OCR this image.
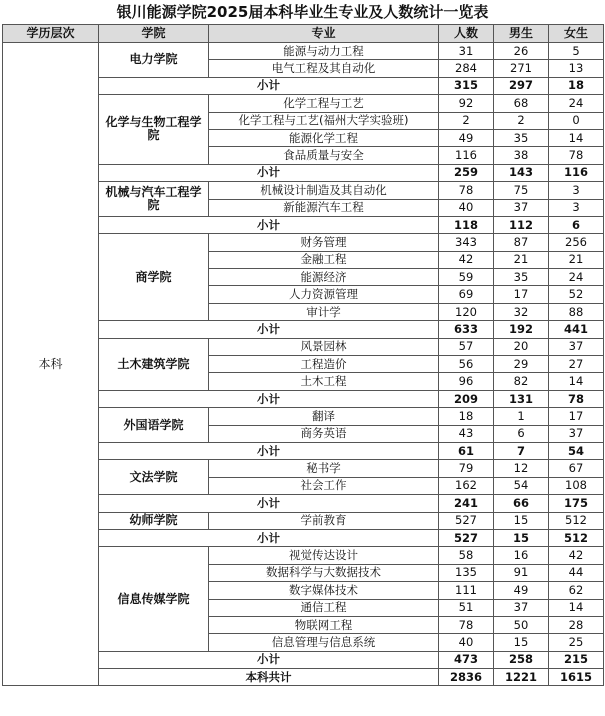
银川能源学院2025届本科毕业生专业及人数统计一览表
学历层次	学院	专业	人数	男生	女生
本科	电力学院	能源与动力工程	31	26	5
		电气工程及其自动化	284	271	13
	小计		315	297	18
	化学与生物工程学院	化学工程与工艺	92	68	24
		化学工程与工艺(福州大学实验班)	2	2	0
		能源化学工程	49	35	14
		食品质量与安全	116	38	78
	小计		259	143	116
	机械与汽车工程学院	机械设计制造及其自动化	78	75	3
		新能源汽车工程	40	37	3
	小计		118	112	6
	商学院	财务管理	343	87	256
		金融工程	42	21	21
		能源经济	59	35	24
		人力资源管理	69	17	52
		审计学	120	32	88
	小计		633	192	441
	土木建筑学院	风景园林	57	20	37
		工程造价	56	29	27
		土木工程	96	82	14
	小计		209	131	78
	外国语学院	翻译	18	1	17
		商务英语	43	6	37
	小计		61	7	54
	文法学院	秘书学	79	12	67
		社会工作	162	54	108
	小计		241	66	175
	幼师学院	学前教育	527	15	512
	小计		527	15	512
	信息传媒学院	视觉传达设计	58	16	42
		数据科学与大数据技术	135	91	44
		数字媒体技术	111	49	62
		通信工程	51	37	14
		物联网工程	78	50	28
		信息管理与信息系统	40	15	25
	小计		473	258	215
	本科共计		2836	1221	1615
